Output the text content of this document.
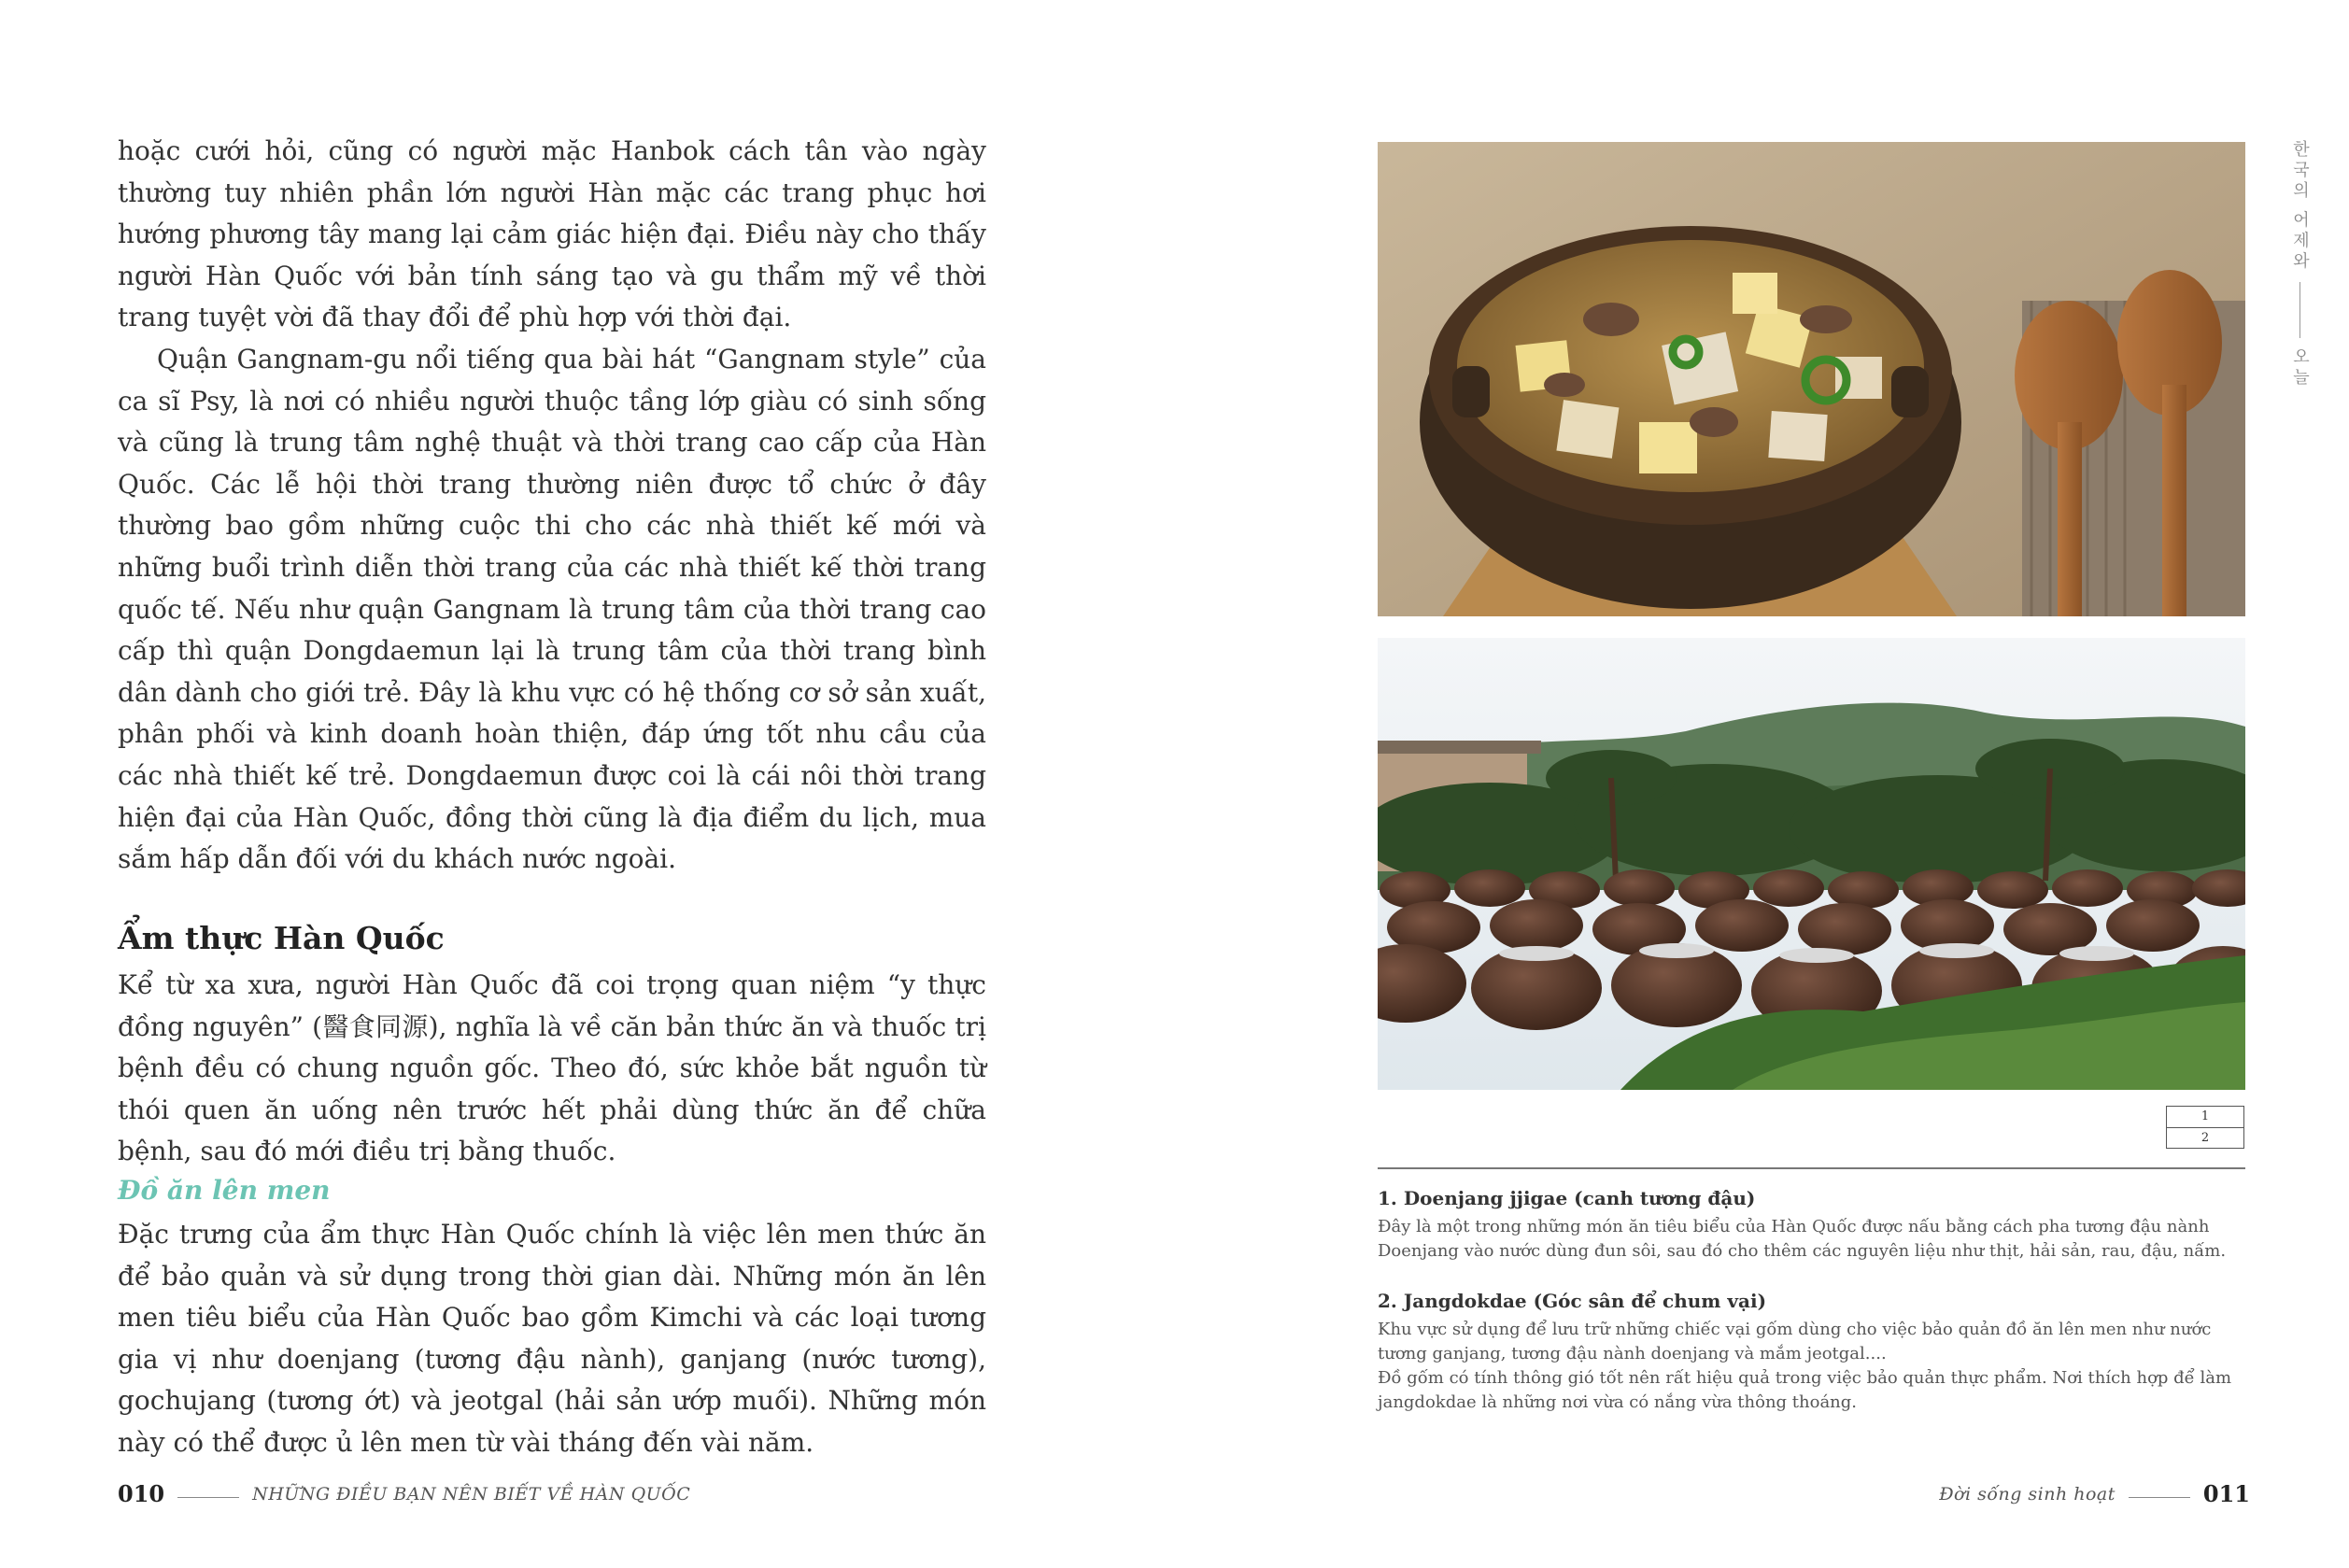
hoặc cưới hỏi, cũng có người mặc Hanbok cách tân vào ngày thường tuy nhiên phần lớn người Hàn mặc các trang phục hơi hướng phương tây mang lại cảm giác hiện đại. Điều này cho thấy người Hàn Quốc với bản tính sáng tạo và gu thẩm mỹ về thời trang tuyệt vời đã thay đổi để phù hợp với thời đại.

Quận Gangnam-gu nổi tiếng qua bài hát “Gangnam style” của ca sĩ Psy, là nơi có nhiều người thuộc tầng lớp giàu có sinh sống và cũng là trung tâm nghệ thuật và thời trang cao cấp của Hàn Quốc. Các lễ hội thời trang thường niên được tổ chức ở đây thường bao gồm những cuộc thi cho các nhà thiết kế mới và những buổi trình diễn thời trang của các nhà thiết kế thời trang quốc tế. Nếu như quận Gangnam là trung tâm của thời trang cao cấp thì quận Dongdaemun lại là trung tâm của thời trang bình dân dành cho giới trẻ. Đây là khu vực có hệ thống cơ sở sản xuất, phân phối và kinh doanh hoàn thiện, đáp ứng tốt nhu cầu của các nhà thiết kế trẻ. Dongdaemun được coi là cái nôi thời trang hiện đại của Hàn Quốc, đồng thời cũng là địa điểm du lịch, mua sắm hấp dẫn đối với du khách nước ngoài.

Ẩm thực Hàn Quốc

Kể từ xa xưa, người Hàn Quốc đã coi trọng quan niệm “y thực đồng nguyên” (醫食同源), nghĩa là về căn bản thức ăn và thuốc trị bệnh đều có chung nguồn gốc. Theo đó, sức khỏe bắt nguồn từ thói quen ăn uống nên trước hết phải dùng thức ăn để chữa bệnh, sau đó mới điều trị bằng thuốc.

Đồ ăn lên men

Đặc trưng của ẩm thực Hàn Quốc chính là việc lên men thức ăn để bảo quản và sử dụng trong thời gian dài. Những món ăn lên men tiêu biểu của Hàn Quốc bao gồm Kimchi và các loại tương gia vị như doenjang (tương đậu nành), ganjang (nước tương), gochujang (tương ớt) và jeotgal (hải sản ướp muối). Những món này có thể được ủ lên men từ vài tháng đến vài năm.

010	NHỮNG ĐIỀU BẠN NÊN BIẾT VỀ HÀN QUỐC
1
2

1. Doenjang jjigae (canh tương đậu)

Đây là một trong những món ăn tiêu biểu của Hàn Quốc được nấu bằng cách pha tương đậu nành Doenjang vào nước dùng đun sôi, sau đó cho thêm các nguyên liệu như thịt, hải sản, rau, đậu, nấm.

2. Jangdokdae (Góc sân để chum vại)

Khu vực sử dụng để lưu trữ những chiếc vại gốm dùng cho việc bảo quản đồ ăn lên men như nước tương ganjang, tương đậu nành doenjang và mắm jeotgal....

Đồ gốm có tính thông gió tốt nên rất hiệu quả trong việc bảo quản thực phẩm. Nơi thích hợp để làm jangdokdae là những nơi vừa có nắng vừa thông thoáng.

한국의 어제와
오늘
Đời sống sinh hoạt	011
